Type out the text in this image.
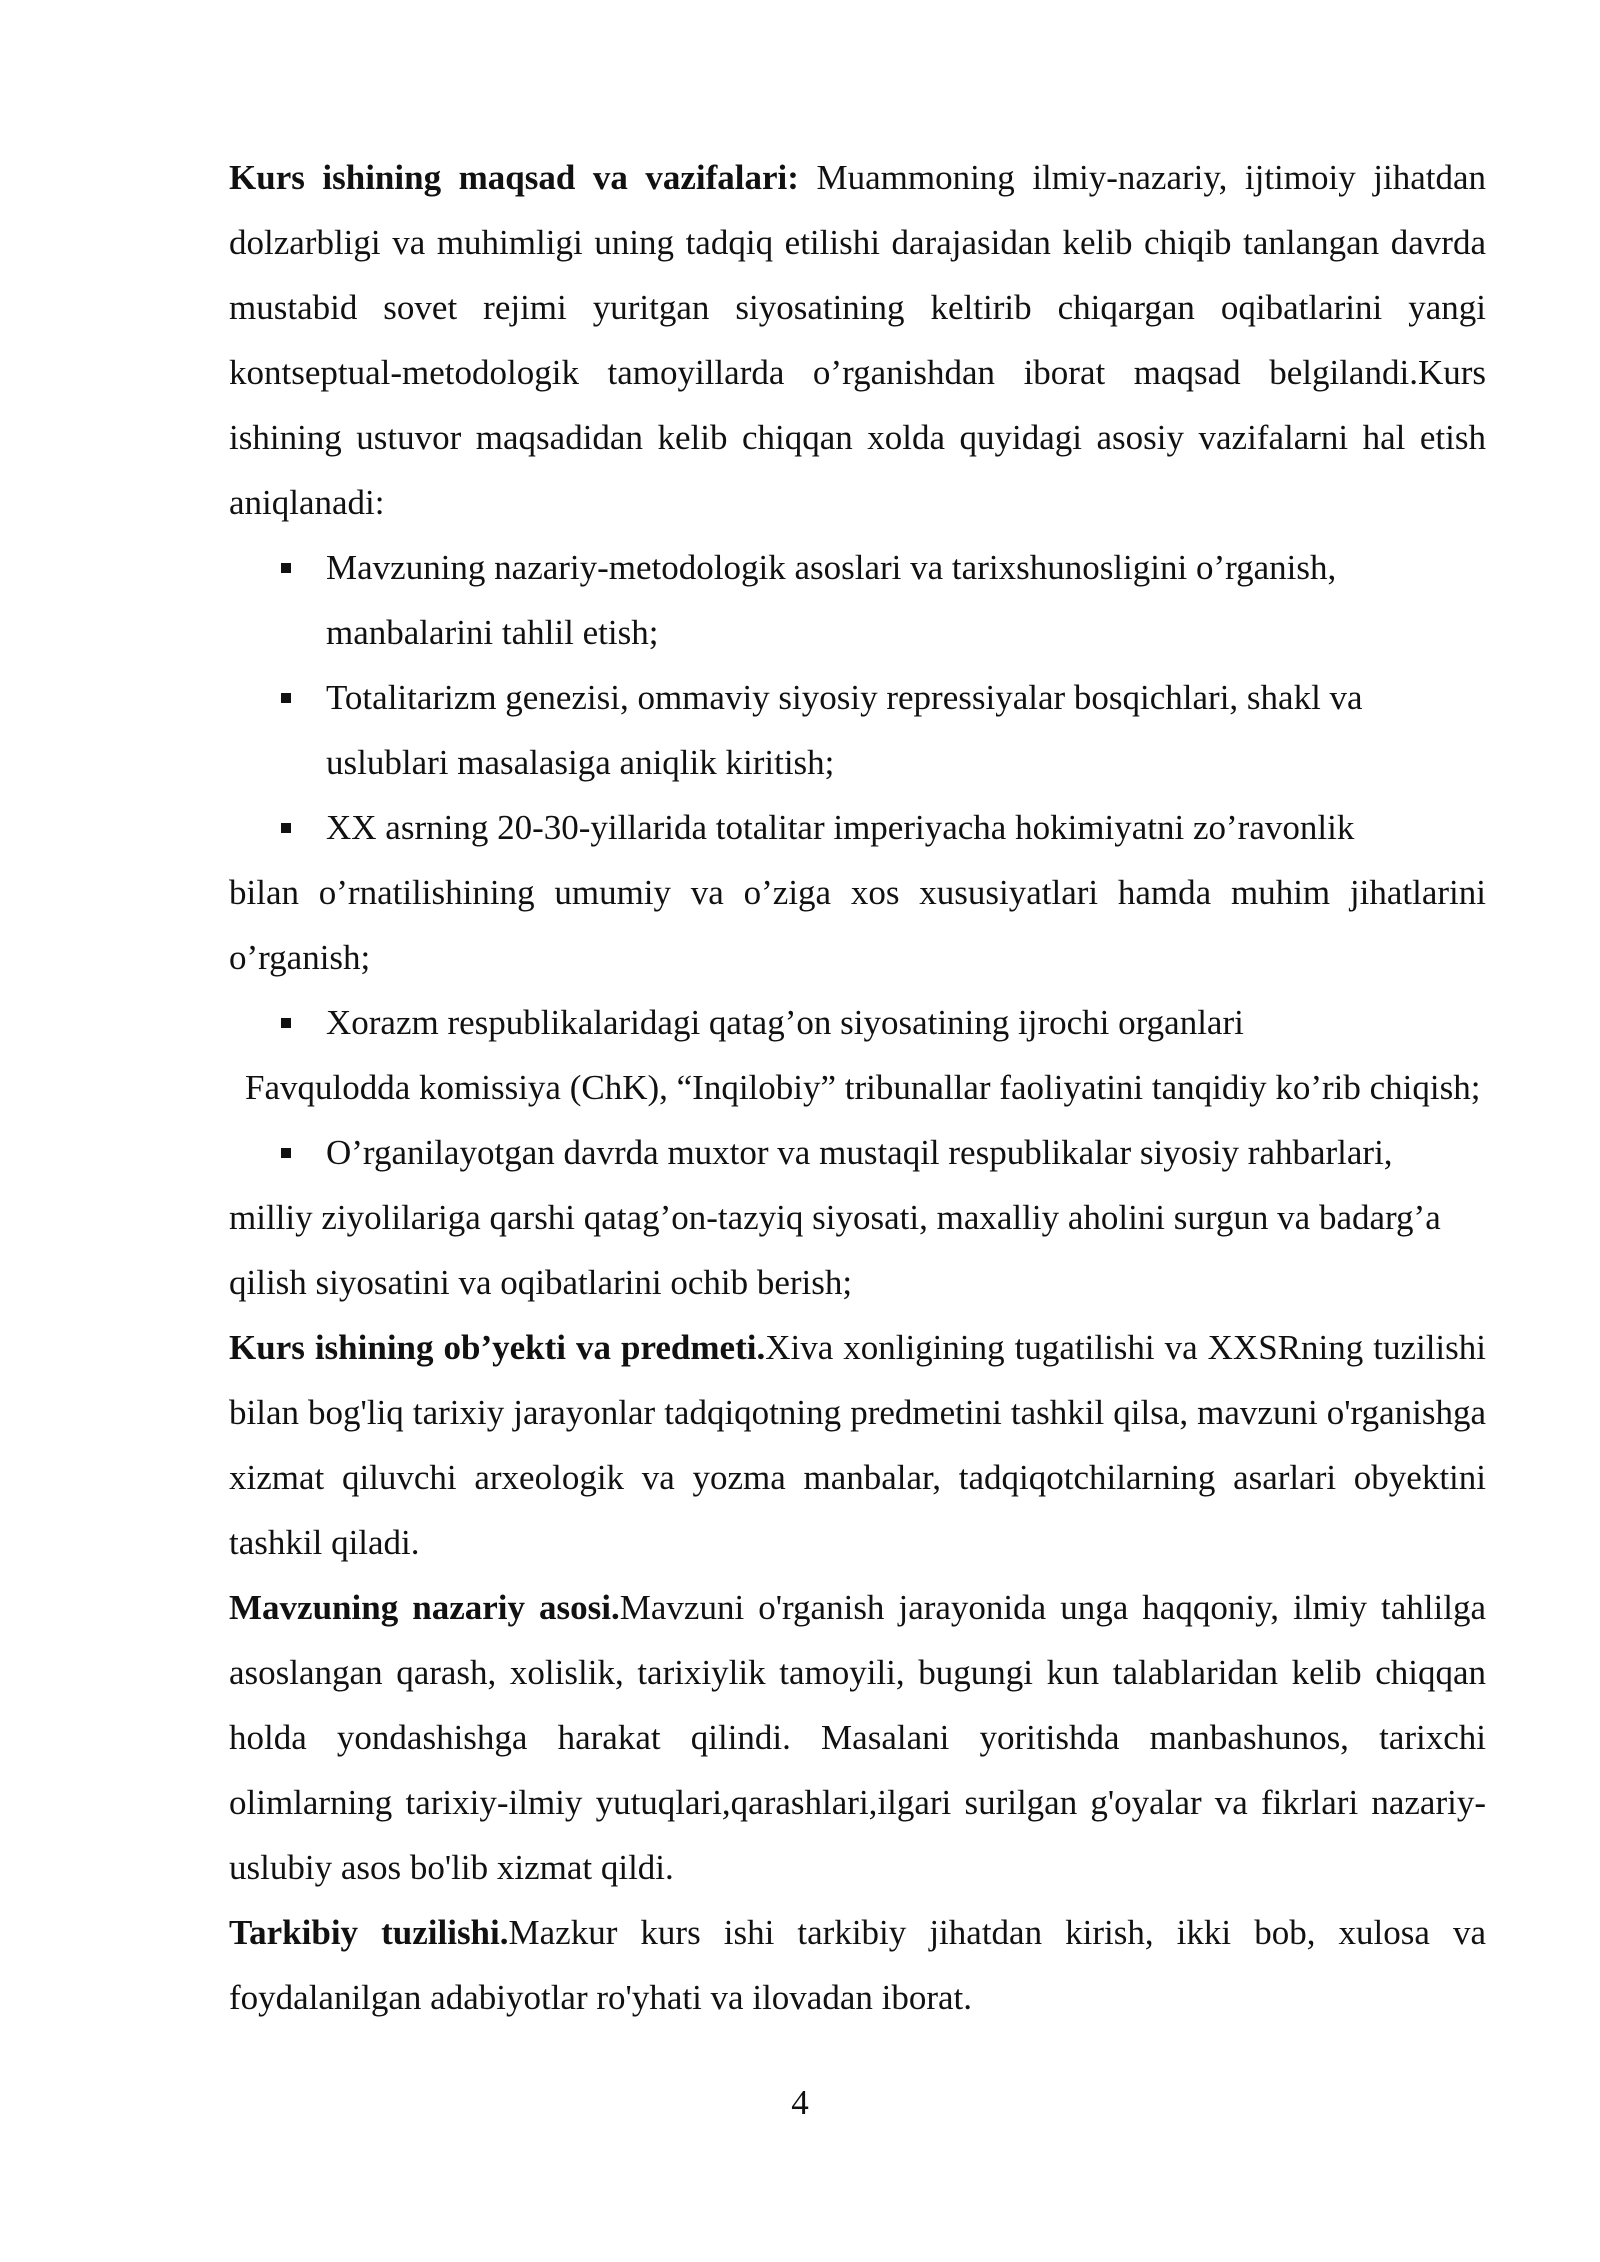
Kurs ishining maqsad va vazifalari: Muammoning ilmiy-nazariy, ijtimoiy jihatdan dolzarbligi va muhimligi uning tadqiq etilishi darajasidan kelib chiqib tanlangan davrda mustabid sovet rejimi yuritgan siyosatining keltirib chiqargan oqibatlarini yangi kontseptual-metodologik tamoyillarda o’rganishdan iborat maqsad belgilandi.Kurs ishining ustuvor maqsadidan kelib chiqqan xolda quyidagi asosiy vazifalarni hal etish aniqlanadi:

Mavzuning nazariy-metodologik asoslari va tarixshunosligini o’rganish, manbalarini tahlil etish;

Totalitarizm genezisi, ommaviy siyosiy repressiyalar bosqichlari, shakl va uslublari masalasiga aniqlik kiritish;

XX asrning 20-30-yillarida totalitar imperiyacha hokimiyatni zo’ravonlik

bilan o’rnatilishining umumiy va o’ziga xos xususiyatlari hamda muhim jihatlarini o’rganish;

Xorazm respublikalaridagi qatag’on siyosatining ijrochi organlari

Favqulodda komissiya (ChK), “Inqilobiy” tribunallar faoliyatini tanqidiy ko’rib chiqish;

O’rganilayotgan davrda muxtor va mustaqil respublikalar siyosiy rahbarlari,

milliy ziyolilariga qarshi qatag’on-tazyiq siyosati, maxalliy aholini surgun va badarg’a qilish siyosatini va oqibatlarini ochib berish;

Kurs ishining ob’yekti va predmeti.Xiva xonligining tugatilishi va XXSRning tuzilishi bilan bog'liq tarixiy jarayonlar tadqiqotning predmetini tashkil qilsa, mavzuni o'rganishga xizmat qiluvchi arxeologik va yozma manbalar, tadqiqotchilarning asarlari obyektini tashkil qiladi.

Mavzuning nazariy asosi.Mavzuni o'rganish jarayonida unga haqqoniy, ilmiy tahlilga asoslangan qarash, xolislik, tarixiylik tamoyili, bugungi kun talablaridan kelib chiqqan holda yondashishga harakat qilindi. Masalani yoritishda manbashunos, tarixchi olimlarning tarixiy-ilmiy yutuqlari,qarashlari,ilgari surilgan g'oyalar va fikrlari nazariy- uslubiy asos bo'lib xizmat qildi.

Tarkibiy tuzilishi.Mazkur kurs ishi tarkibiy jihatdan kirish, ikki bob, xulosa va foydalanilgan adabiyotlar ro'yhati va ilovadan iborat.

4
